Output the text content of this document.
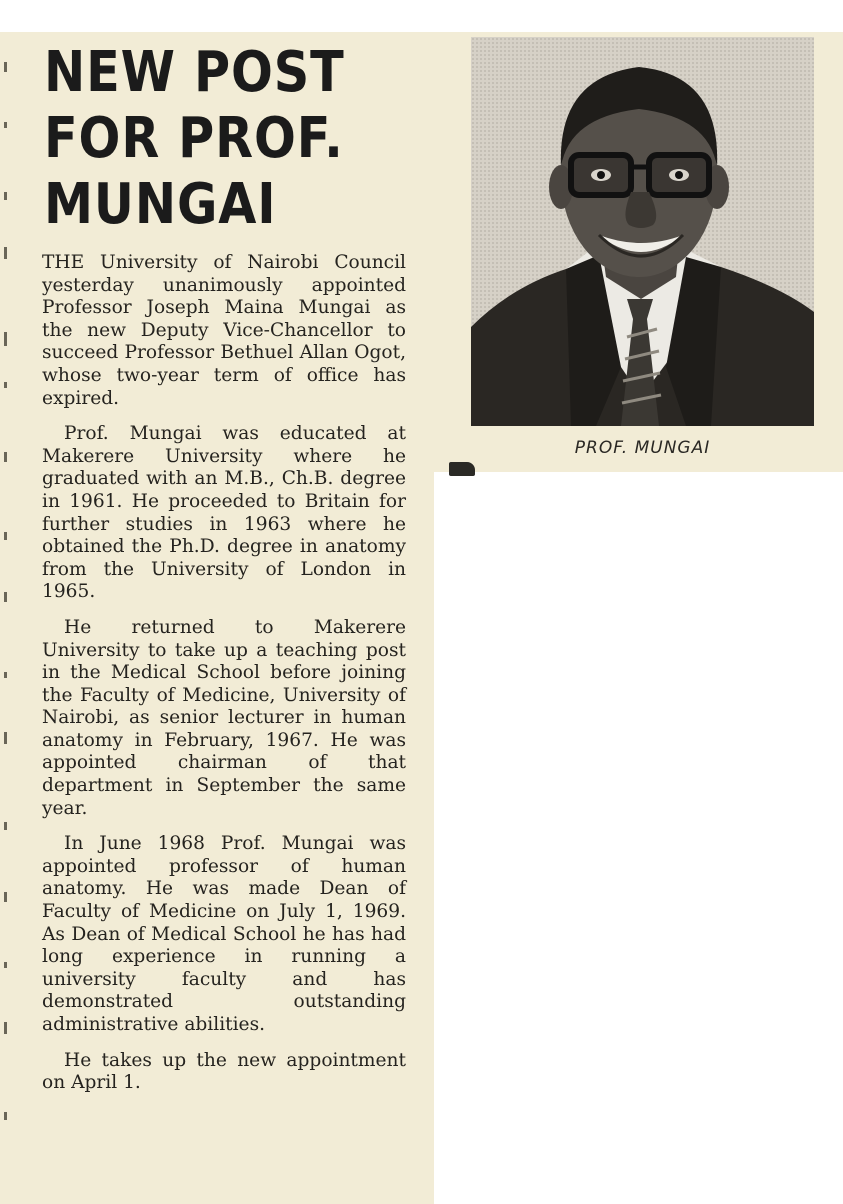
NEW POST
FOR PROF.
MUNGAI

THE University of Nairobi Council yesterday unanimously appointed Professor Joseph Maina Mungai as the new Deputy Vice-Chancellor to succeed Professor Bethuel Allan Ogot, whose two-year term of office has expired.

Prof. Mungai was educated at Makerere University where he graduated with an M.B., Ch.B. degree in 1961. He proceeded to Britain for further studies in 1963 where he obtained the Ph.D. degree in anatomy from the University of London in 1965.

He returned to Makerere University to take up a teaching post in the Medical School before joining the Faculty of Medicine, University of Nairobi, as senior lecturer in human anatomy in February, 1967. He was appointed chairman of that department in September the same year.

In June 1968 Prof. Mungai was appointed professor of human anatomy. He was made Dean of Faculty of Medicine on July 1, 1969. As Dean of Medical School he has had long experience in running a university faculty and has demonstrated outstanding administrative abilities.

He takes up the new appointment on April 1.

PROF. MUNGAI
